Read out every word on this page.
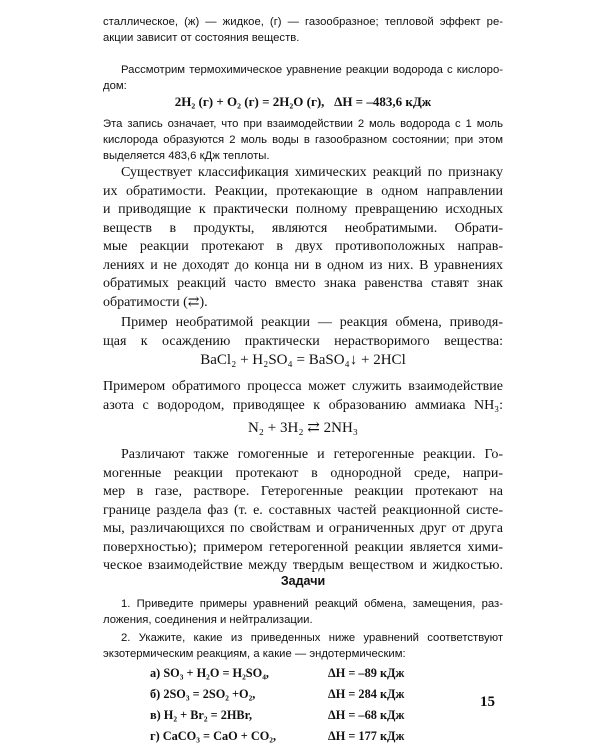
сталлическое, (ж) — жидкое, (г) — газообразное; тепловой эффект ре-
акции зависит от состояния веществ.
Рассмотрим термохимическое уравнение реакции водорода с кислоро-
дом:
2H₂ (г) + O₂ (г) = 2H₂O (г),   ΔH = –483,6 кДж
Эта запись означает, что при взаимодействии 2 моль водорода с 1 моль
кислорода образуются 2 моль воды в газообразном состоянии; при этом
выделяется 483,6 кДж теплоты.
Существует классификация химических реакций по признаку
их обратимости. Реакции, протекающие в одном направлении
и приводящие к практически полному превращению исходных
веществ в продукты, являются необратимыми. Обрати-
мые реакции протекают в двух противоположных направ-
лениях и не доходят до конца ни в одном из них. В уравнениях
обратимых реакций часто вместо знака равенства ставят знак
обратимости (⇄).
Пример необратимой реакции — реакция обмена, приводя-
щая к осаждению практически нерастворимого вещества:
BaCl₂ + H₂SO₄ = BaSO₄↓ + 2HCl
Примером обратимого процесса может служить взаимодействие
азота с водородом, приводящее к образованию аммиака NH₃:
N₂ + 3H₂ ⇄ 2NH₃
Различают также гомогенные и гетерогенные реакции. Го-
могенные реакции протекают в однородной среде, напри-
мер в газе, растворе. Гетерогенные реакции протекают на
границе раздела фаз (т. е. составных частей реакционной систе-
мы, различающихся по свойствам и ограниченных друг от друга
поверхностью); примером гетерогенной реакции является хими-
ческое взаимодействие между твердым веществом и жидкостью.
Задачи
1. Приведите примеры уравнений реакций обмена, замещения, раз-
ложения, соединения и нейтрализации.
2. Укажите, какие из приведенных ниже уравнений соответствуют
экзотермическим реакциям, а какие — эндотермическим:
а) SO₃ + H₂O = H₂SO₄,	ΔH = –89 кДж
б) 2SO₃ = 2SO₂ +O₂,	ΔH = 284 кДж
в) H₂ + Br₂ = 2HBr,	ΔH = –68 кДж
г) CaCO₃ = CaO + CO₂,	ΔH = 177 кДж
15
